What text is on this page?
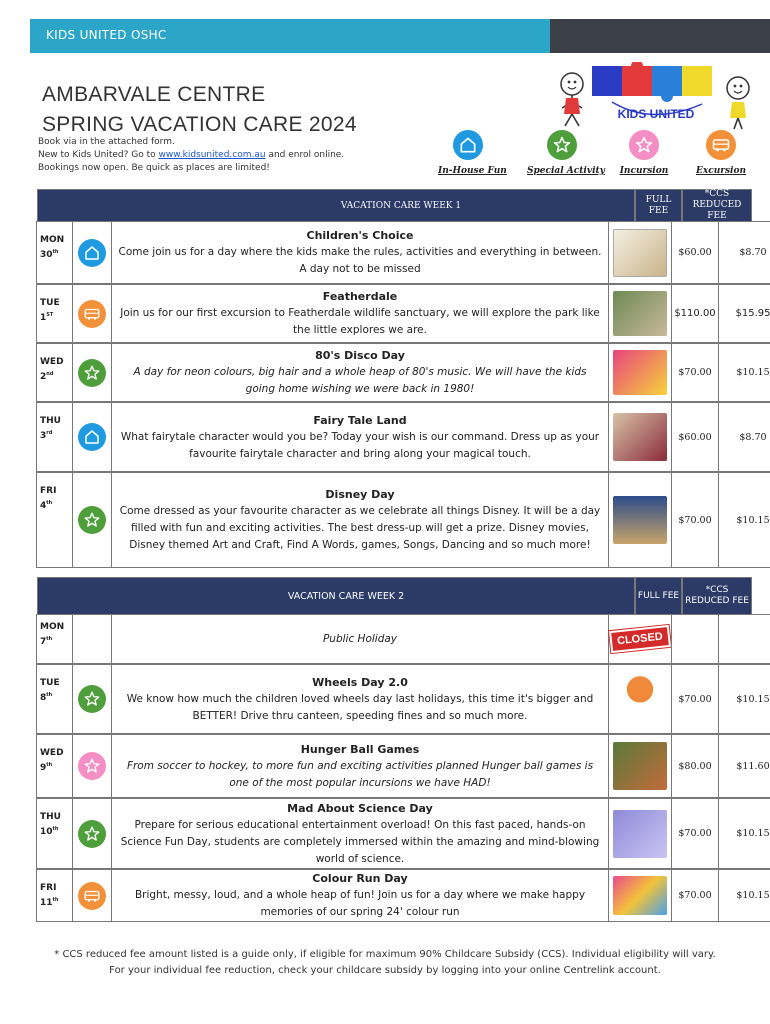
KIDS UNITED OSHC
AMBARVALE CENTRE
SPRING VACATION CARE 2024
Book via in the attached form.
New to Kids United? Go to www.kidsunited.com.au and enrol online.
Bookings now open. Be quick as places are limited!
KIDS UNITED
In-House Fun Special Activity	Incursion	Excursion
FULL FEE
*CCS REDUCED FEE
MON
30th
Children's Choice
Come join us for a day where the kids make the rules, activities and everything in between. A day not to be missed
$60.00	$8.70
TUE
1ST
Featherdale
Join us for our first excursion to Featherdale wildlife sanctuary, we will explore the park like the little explores we are.
$110.00	$15.95
WED
2nd
80's Disco Day
A day for neon colours, big hair and a whole heap of 80's music. We will have the kids going home wishing we were back in 1980!
$70.00	$10.15
THU
3rd
Fairy Tale Land
What fairytale character would you be? Today your wish is our command. Dress up as your favourite fairytale character and bring along your magical touch.
$60.00	$8.70
FRI
4th
Disney Day
Come dressed as your favourite character as we celebrate all things Disney. It will be a day filled with fun and exciting activities. The best dress-up will get a prize. Disney movies, Disney themed Art and Craft, Find A Words, games, Songs, Dancing and so much more!
$70.00	$10.15
VACATION CARE WEEK 2	FULL FEE
*CCS REDUCED FEE
MON
7th	Public Holiday	CLOSED
TUE
8th
Wheels Day 2.0
We know how much the children loved wheels day last holidays, this time it's bigger and BETTER! Drive thru canteen, speeding fines and so much more.
$70.00	$10.15
WED
9th
Hunger Ball Games
From soccer to hockey, to more fun and exciting activities planned Hunger ball games is one of the most popular incursions we have HAD!
$80.00	$11.60
THU
10th
Mad About Science Day
Prepare for serious educational entertainment overload! On this fast paced, hands-on Science Fun Day, students are completely immersed within the amazing and mind-blowing world of science.
$70.00	$10.15
FRI
11th
Colour Run Day
Bright, messy, loud, and a whole heap of fun! Join us for a day where we make happy memories of our spring 24' colour run
$70.00	$10.15
* CCS reduced fee amount listed is a guide only, if eligible for maximum 90% Childcare Subsidy (CCS). Individual eligibility will vary.
For your individual fee reduction, check your childcare subsidy by logging into your online Centrelink account.
VACATION CARE WEEK 1
